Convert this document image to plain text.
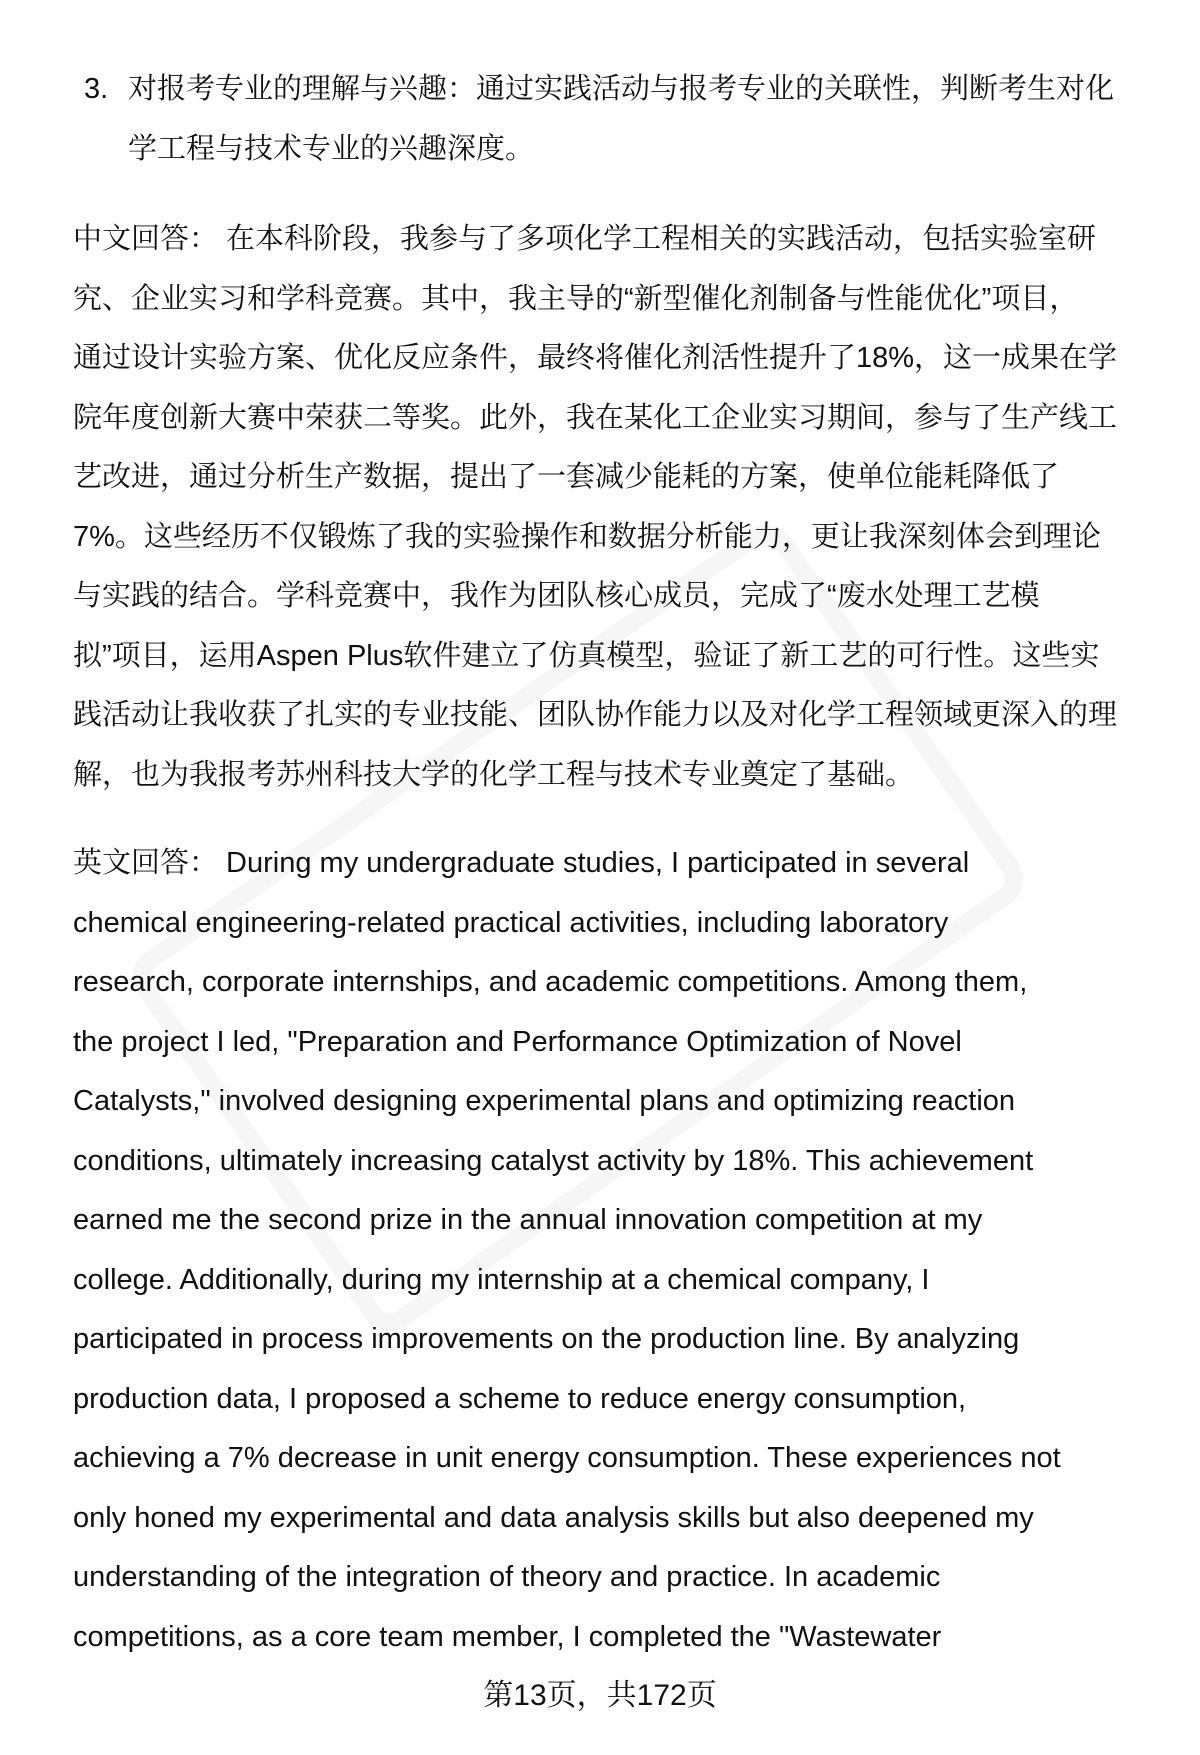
3. 对报考专业的理解与兴趣：通过实践活动与报考专业的关联性，判断考生对化
学工程与技术专业的兴趣深度。
中文回答： 在本科阶段，我参与了多项化学工程相关的实践活动，包括实验室研
究、企业实习和学科竞赛。其中，我主导的“新型催化剂制备与性能优化”项目，
通过设计实验方案、优化反应条件，最终将催化剂活性提升了18%，这一成果在学
院年度创新大赛中荣获二等奖。此外，我在某化工企业实习期间，参与了生产线工
艺改进，通过分析生产数据，提出了一套减少能耗的方案，使单位能耗降低了
7%。这些经历不仅锻炼了我的实验操作和数据分析能力，更让我深刻体会到理论
与实践的结合。学科竞赛中，我作为团队核心成员，完成了“废水处理工艺模
拟”项目，运用Aspen Plus软件建立了仿真模型，验证了新工艺的可行性。这些实
践活动让我收获了扎实的专业技能、团队协作能力以及对化学工程领域更深入的理
解，也为我报考苏州科技大学的化学工程与技术专业奠定了基础。
英文回答： During my undergraduate studies, I participated in several
chemical engineering-related practical activities, including laboratory
research, corporate internships, and academic competitions. Among them,
the project I led, "Preparation and Performance Optimization of Novel
Catalysts," involved designing experimental plans and optimizing reaction
conditions, ultimately increasing catalyst activity by 18%. This achievement
earned me the second prize in the annual innovation competition at my
college. Additionally, during my internship at a chemical company, I
participated in process improvements on the production line. By analyzing
production data, I proposed a scheme to reduce energy consumption,
achieving a 7% decrease in unit energy consumption. These experiences not
only honed my experimental and data analysis skills but also deepened my
understanding of the integration of theory and practice. In academic
competitions, as a core team member, I completed the "Wastewater
第13页，共172页
